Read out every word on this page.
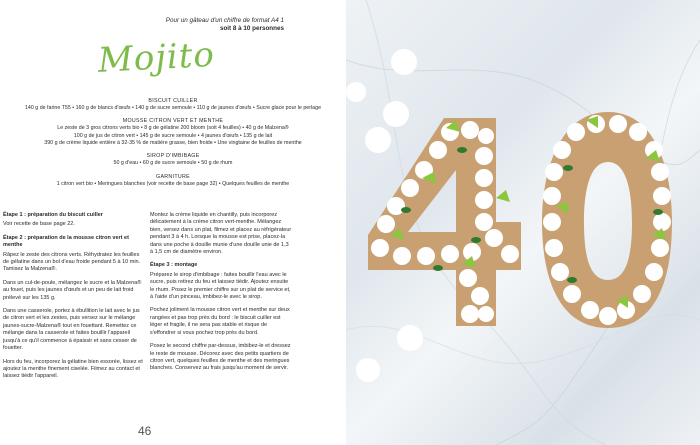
Pour un gâteau d'un chiffre de format A4 1
soit 8 à 10 personnes
Mojito
BISCUIT CUILLER
140 g de farine T55 • 160 g de blancs d'œufs • 140 g de sucre semoule • 110 g de jaunes d'œufs • Sucre glace pour le perlage
MOUSSE CITRON VERT ET MENTHE
Le zeste de 3 gros citrons verts bio • 8 g de gélatine 200 bloom (soit 4 feuilles) • 40 g de Malzena®
100 g de jus de citron vert • 145 g de sucre semoule • 4 jaunes d'œufs • 135 g de lait
390 g de crème liquide entière à 32-35 % de matière grasse, bien froide • Une vingtaine de feuilles de menthe
SIROP D'IMBIBAGE
50 g d'eau • 60 g de sucre semoule • 50 g de rhum
GARNITURE
1 citron vert bio • Meringues blanches (voir recette de base page 32) • Quelques feuilles de menthe
Étape 1 : préparation du biscuit cuiller

Voir recette de base page 22.

Étape 2 : préparation de la mousse citron vert et menthe

Râpez le zeste des citrons verts. Réhydratez les feuilles de gélatine dans un bol d'eau froide pendant 5 à 10 min. Tamisez la Malzena®.

Dans un cul-de-poule, mélangez le sucre et la Malzena® au fouet, puis les jaunes d'œufs et un peu de lait froid prélevé sur les 135 g.

Dans une casserole, portez à ébullition le lait avec le jus de citron vert et les zestes, puis versez sur le mélange jaunes-sucre-Malzena® tout en fouettant. Remettez ce mélange dans la casserole et faites bouillir l'appareil jusqu'à ce qu'il commence à épaissir et sans cesser de fouetter.

Hors du feu, incorporez la gélatine bien essorée, lissez et ajoutez la menthe finement ciselée. Filmez au contact et laissez tiédir l'appareil.

Montez la crème liquide en chantilly, puis incorporez délicatement à la crème citron vert-menthe. Mélangez bien, versez dans un plat, filmez et placez au réfrigérateur pendant 3 à 4 h. Lorsque la mousse est prise, placez-la dans une poche à douille munie d'une douille unie de 1,3 à 1,5 cm de diamètre environ.

Étape 3 : montage

Préparez le sirop d'imbibage : faites bouillir l'eau avec le sucre, puis retirez du feu et laissez tiédir. Ajoutez ensuite le rhum. Posez le premier chiffre sur un plat de service et, à l'aide d'un pinceau, imbibez-le avec le sirop.

Pochez joliment la mousse citron vert et menthe sur deux rangées et pas trop près du bord : le biscuit cuiller est léger et fragile, il ne sera pas stable et risque de s'effondrer si vous pochez trop près du bord.

Posez le second chiffre par-dessus, imbibez-le et dressez le reste de mousse. Décorez avec des petits quartiers de citron vert, quelques feuilles de menthe et des meringues blanches. Conservez au frais jusqu'au moment de servir.

46
